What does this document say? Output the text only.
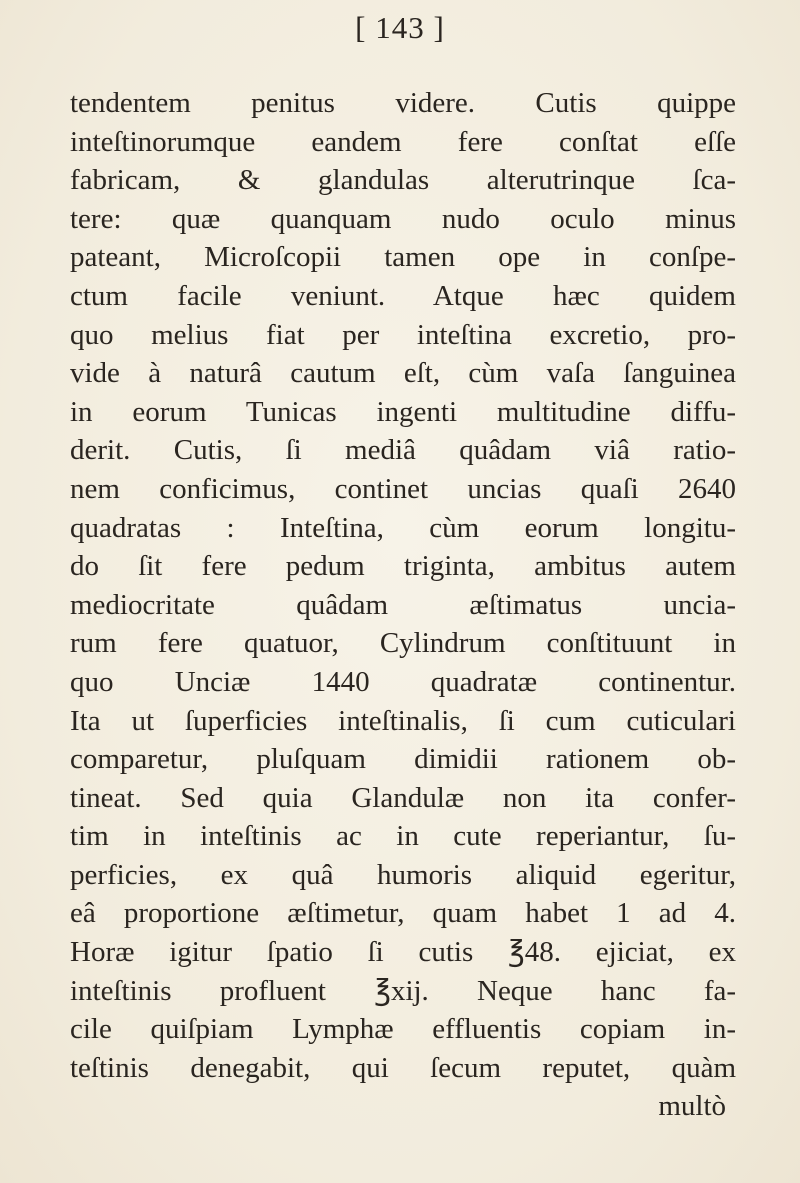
[ 143 ]
tendentem penitus videre. Cutis quippe
inteſtinorumque eandem fere conſtat eſſe
fabricam, & glandulas alterutrinque ſca-
tere: quæ quanquam nudo oculo minus
pateant, Microſcopii tamen ope in conſpe-
ctum facile veniunt. Atque hæc quidem
quo melius fiat per inteſtina excretio, pro-
vide à naturâ cautum eſt, cùm vaſa ſanguinea
in eorum Tunicas ingenti multitudine diffu-
derit. Cutis, ſi mediâ quâdam viâ ratio-
nem conficimus, continet uncias quaſi 2640
quadratas : Inteſtina, cùm eorum longitu-
do ſit fere pedum triginta, ambitus autem
mediocritate quâdam æſtimatus uncia-
rum fere quatuor, Cylindrum conſtituunt in
quo Unciæ 1440 quadratæ continentur.
Ita ut ſuperficies inteſtinalis, ſi cum cuticulari
comparetur, pluſquam dimidii rationem ob-
tineat. Sed quia Glandulæ non ita confer-
tim in inteſtinis ac in cute reperiantur, ſu-
perficies, ex quâ humoris aliquid egeritur,
eâ proportione æſtimetur, quam habet 1 ad 4.
Horæ igitur ſpatio ſi cutis ℥48. ejiciat, ex
inteſtinis profluent ℥xij. Neque hanc fa-
cile quiſpiam Lymphæ effluentis copiam in-
teſtinis denegabit, qui ſecum reputet, quàm
multò
